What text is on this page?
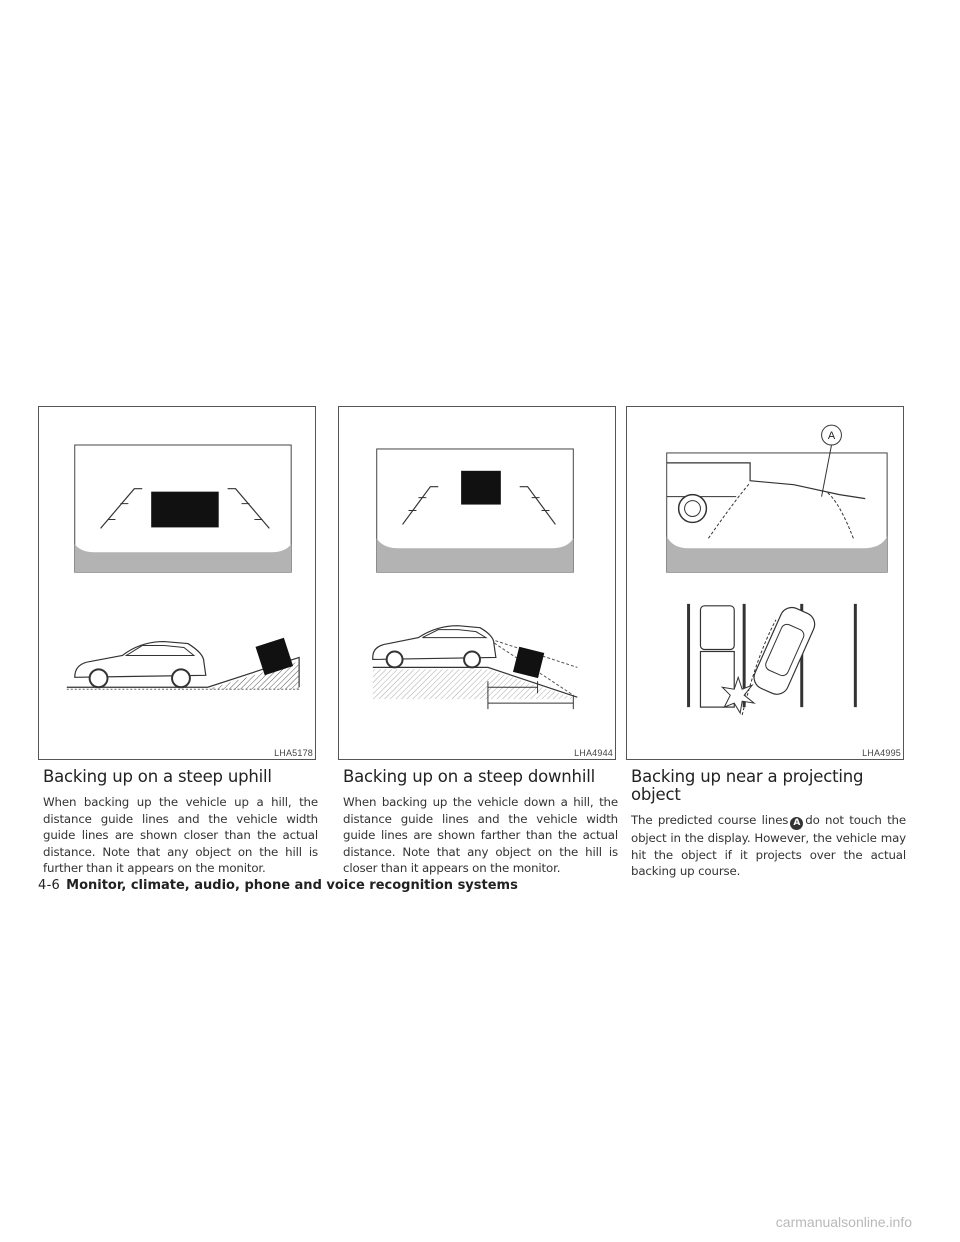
LHA5178
Backing up on a steep uphill

When backing up the vehicle up a hill, the distance guide lines and the vehicle width guide lines are shown closer than the actual distance. Note that any object on the hill is further than it appears on the monitor.

LHA4944
Backing up on a steep downhill

When backing up the vehicle down a hill, the distance guide lines and the vehicle width guide lines are shown farther than the actual distance. Note that any object on the hill is closer than it appears on the monitor.

A
LHA4995
Backing up near a projecting object

The predicted course lines A do not touch the object in the display. However, the vehicle may hit the object if it projects over the actual backing up course.

4-6 Monitor, climate, audio, phone and voice recognition systems
carmanualsonline.info
